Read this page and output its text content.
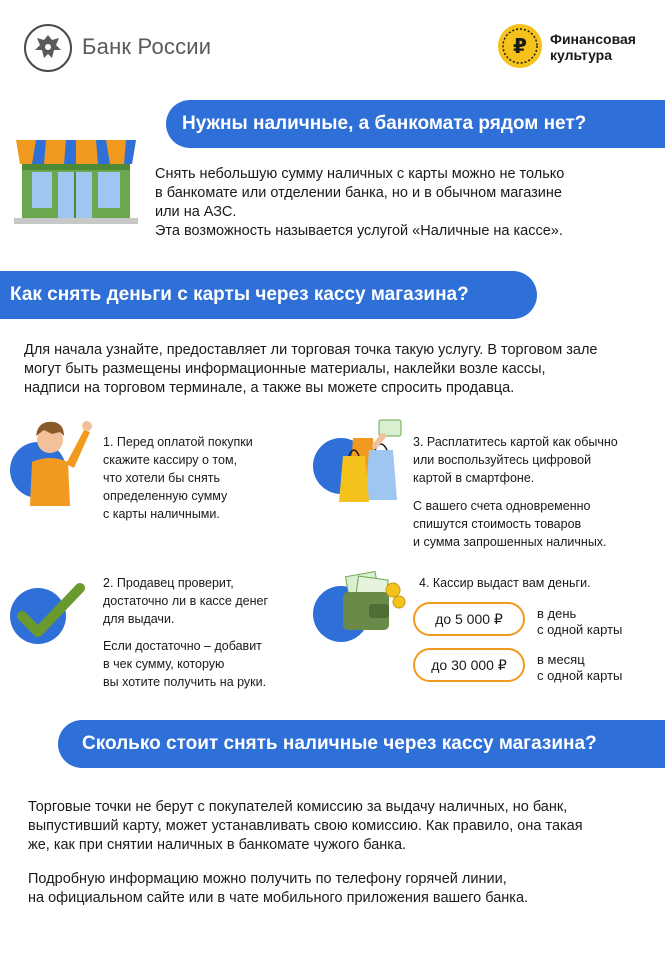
Банк России	₽ Финансовая
культура
Нужны наличные, а банкомата рядом нет?
Снять небольшую сумму наличных с карты можно не только
в банкомате или отделении банка, но и в обычном магазине
или на АЗС.
Эта возможность называется услугой «Наличные на кассе».
Как снять деньги с карты через кассу магазина?
Для начала узнайте, предоставляет ли торговая точка такую услугу. В торговом зале
могут быть размещены информационные материалы, наклейки возле кассы,
надписи на торговом терминале, а также вы можете спросить продавца.
1. Перед оплатой покупки
скажите кассиру о том,
что хотели бы снять
определенную сумму
с карты наличными.
3. Расплатитесь картой как обычно
или воспользуйтесь цифровой
картой в смартфоне.
С вашего счета одновременно
спишутся стоимость товаров
и сумма запрошенных наличных.
2. Продавец проверит,
достаточно ли в кассе денег
для выдачи.
Если достаточно – добавит
в чек сумму, которую
вы хотите получить на руки.
4. Кассир выдаст вам деньги.
до 5 000 ₽	в день
с одной карты
до 30 000 ₽	в месяц
с одной карты
Сколько стоит снять наличные через кассу магазина?
Торговые точки не берут с покупателей комиссию за выдачу наличных, но банк,
выпустивший карту, может устанавливать свою комиссию. Как правило, она такая
же, как при снятии наличных в банкомате чужого банка.
Подробную информацию можно получить по телефону горячей линии,
на официальном сайте или в чате мобильного приложения вашего банка.
